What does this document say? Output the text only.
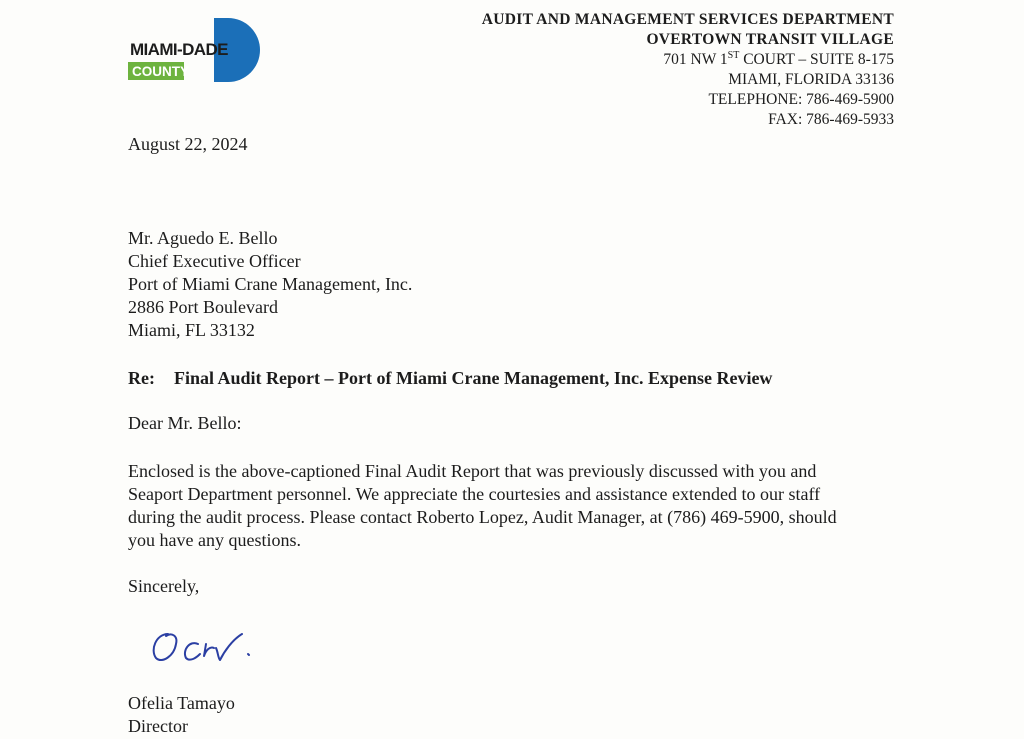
MIAMI-DADE
COUNTY
AUDIT AND MANAGEMENT SERVICES DEPARTMENT
OVERTOWN TRANSIT VILLAGE
701 NW 1ST COURT – SUITE 8-175
MIAMI, FLORIDA 33136
TELEPHONE: 786-469-5900
FAX: 786-469-5933
August 22, 2024
Mr. Aguedo E. Bello
Chief Executive Officer
Port of Miami Crane Management, Inc.
2886 Port Boulevard
Miami, FL 33132
Re: Final Audit Report – Port of Miami Crane Management, Inc. Expense Review
Dear Mr. Bello:
Enclosed is the above-captioned Final Audit Report that was previously discussed with you and
Seaport Department personnel. We appreciate the courtesies and assistance extended to our staff
during the audit process. Please contact Roberto Lopez, Audit Manager, at (786) 469-5900, should
you have any questions.
Sincerely,
Ofelia Tamayo
Director
